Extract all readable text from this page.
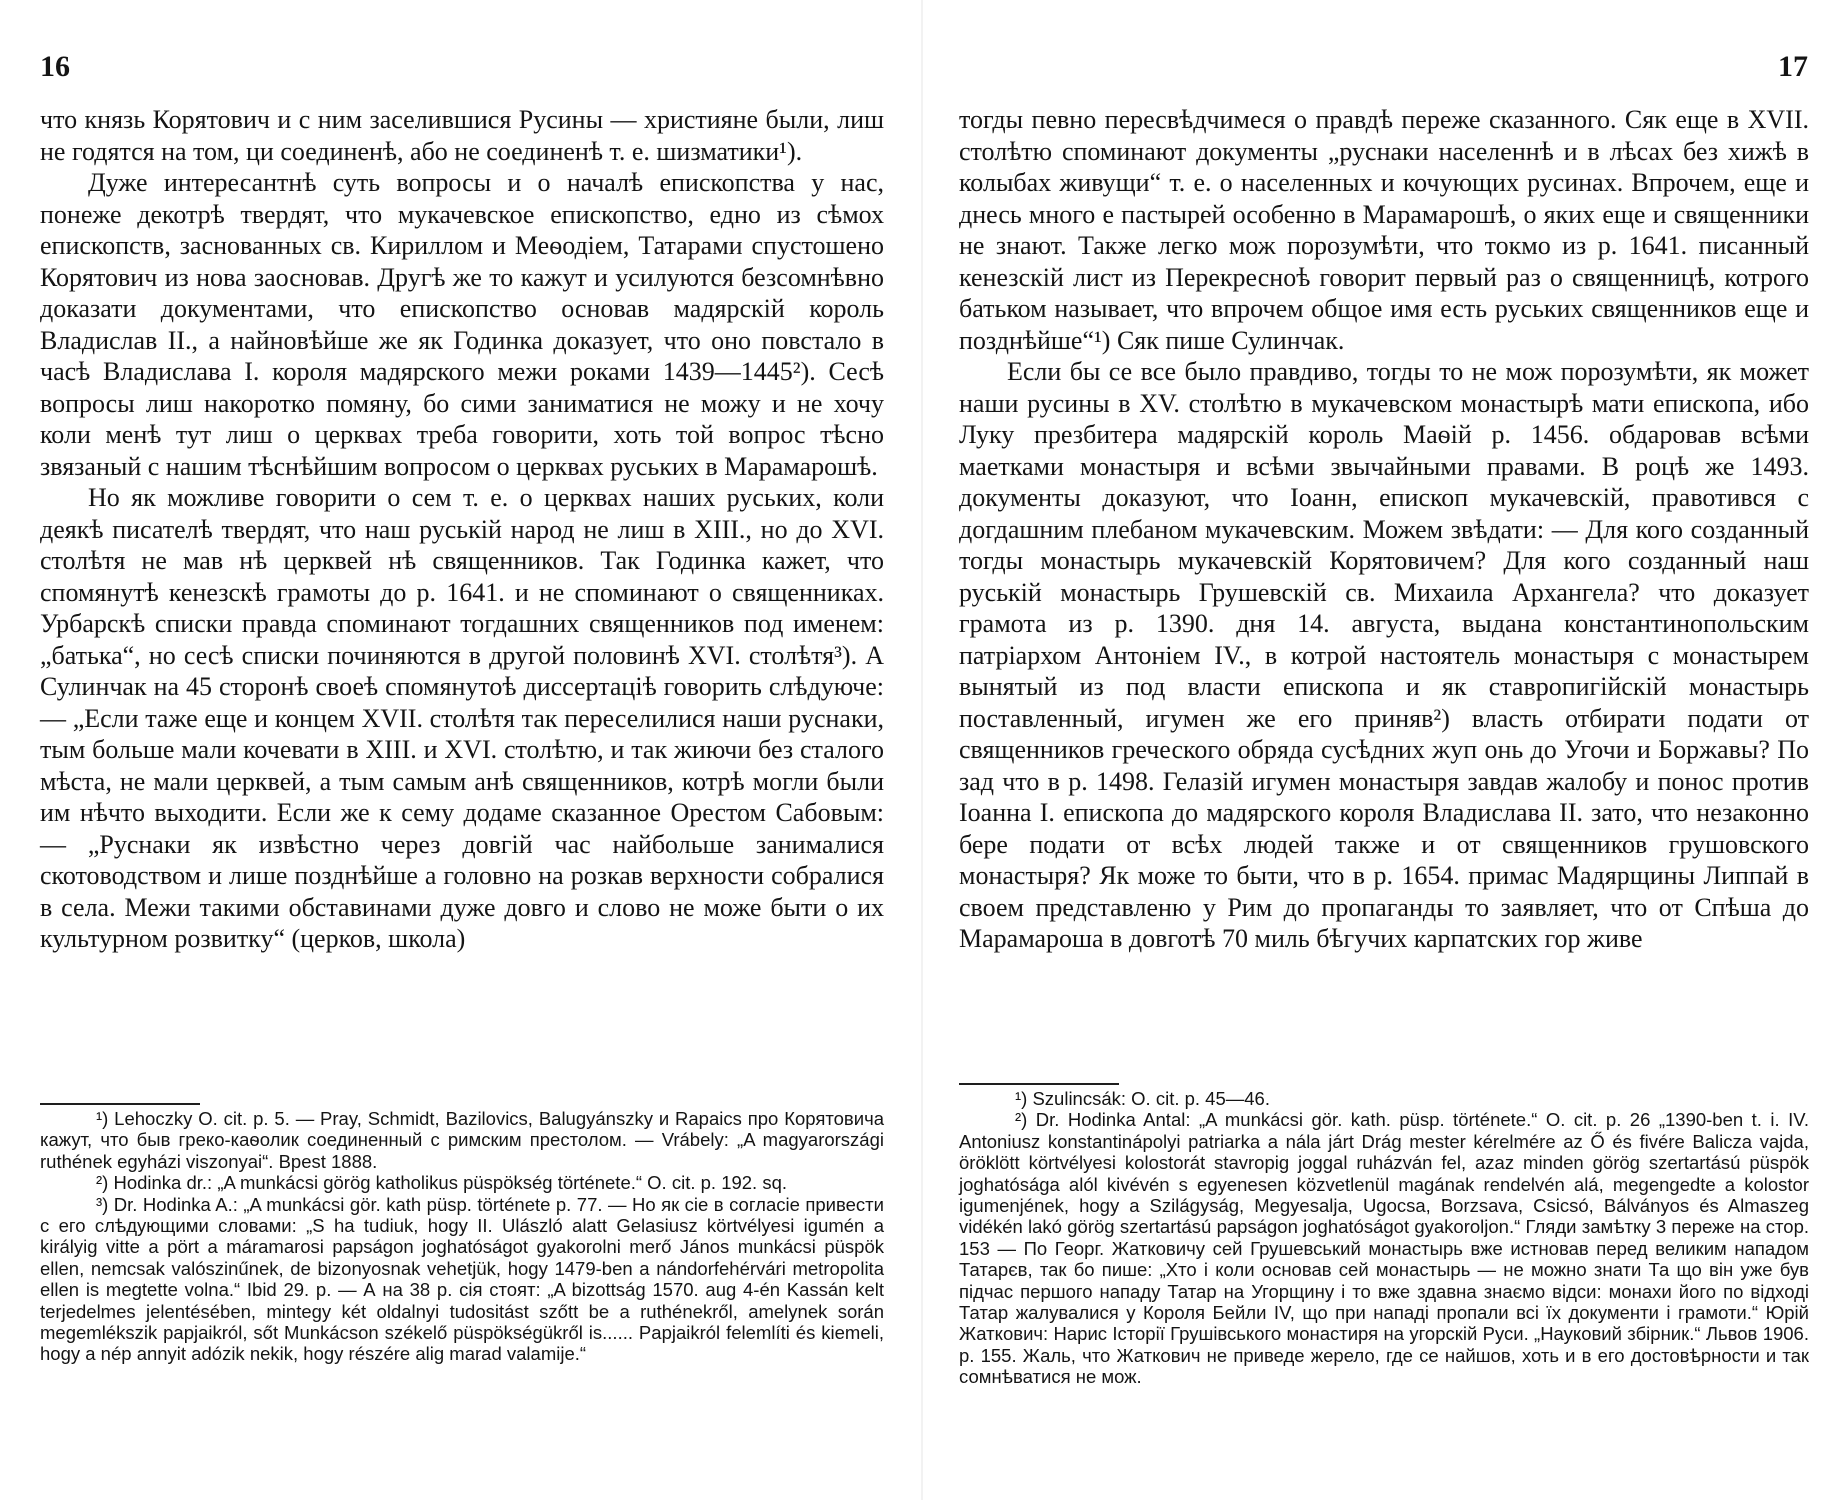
16

что князь Корятович и с ним заселившися Русины — християне были, лиш не годятся на том, ци соединенѣ, або не соединенѣ т. е. шизматики¹).

Дуже интересантнѣ суть вопросы и о началѣ епископства у нас, понеже декотрѣ твердят, что мукачевское епископство, едно из сѣмох епископств, заснованных св. Кириллом и Меѳодіем, Татарами спустошено Корятович из нова заосновав. Другѣ же то кажут и усилуются безсомнѣвно доказати документами, что епископство основав мадярскій король Владислав II., а найновѣйше же як Годинка доказует, что оно повстало в часѣ Владислава I. короля мадярского межи роками 1439—1445²). Сесѣ вопросы лиш накоротко помяну, бо сими заниматися не можу и не хочу коли менѣ тут лиш о церквах треба говорити, хоть той вопрос тѣсно звязаный с нашим тѣснѣйшим вопросом о церквах руських в Марамарошѣ.

Но як можливе говорити о сем т. е. о церквах наших руських, коли деякѣ писателѣ твердят, что наш руській народ не лиш в XIII., но до XVI. столѣтя не мав нѣ церквей нѣ священников. Так Годинка кажет, что спомянутѣ кенезскѣ грамоты до р. 1641. и не споминают о священниках. Урбарскѣ списки правда споминают тогдашних священников под именем: „батька“, но сесѣ списки починяются в другой половинѣ XVI. столѣтя³). А Сулинчак на 45 сторонѣ своеѣ спомянутоѣ диссертаціѣ говорить слѣдуюче: — „Если таже еще и концем XVII. столѣтя так переселилися наши руснаки, тым больше мали кочевати в XIII. и XVI. столѣтю, и так жиючи без сталого мѣста, не мали церквей, а тым самым анѣ священников, котрѣ могли были им нѣчто выходити. Если же к сему додаме сказанное Орестом Сабовым: — „Руснаки як извѣстно через довгій час найбольше занималися скотоводством и лише позднѣйше а головно на розкав верхности собралися в села. Межи такими обставинами дуже довго и слово не може быти о их культурном розвитку“ (церков, школа)

¹) Lehoczky O. cit. p. 5. — Pray, Schmidt, Bazilovics, Balugyánszky и Rapaics про Корятовича кажут, что быв греко-каѳолик соединенный с римским престолом. — Vrábely: „A magyarországi ruthének egyházi viszonyai“. Bpest 1888.

²) Hodinka dr.: „A munkácsi görög katholikus püspökség története.“ O. cit. p. 192. sq.

³) Dr. Hodinka A.: „A munkácsi gör. kath püsp. története p. 77. — Но як сіе в согласіе привести с его слѣдующими словами: „S ha tudiuk, hogy II. Ulászló alatt Gelasiusz körtvélyesi igumén a királyig vitte a pört a máramarosi papságon joghatóságot gyakorolni merő János munkácsi püspök ellen, nemcsak valószinűnek, de bizonyosnak vehetjük, hogy 1479-ben a nándorfehérvári metropolita ellen is megtette volna.“ Ibid 29. p. — А на 38 р. сія стоят: „A bizottság 1570. aug 4-én Kassán kelt terjedelmes jelentésében, mintegy két oldalnyi tudositást szőtt be a ruthénekről, amelynek során megemlékszik papjaikról, sőt Munkácson székelő püspökségükről is...... Papjaikról felemlíti és kiemeli, hogy a nép annyit adózik nekik, hogy részére alig marad valamije.“

17

тогды певно пересвѣдчимеся о правдѣ переже сказанного. Сяк еще в XVII. столѣтю споминают документы „руснаки населеннѣ и в лѣсах без хижѣ в колыбах живущи“ т. е. о населенных и кочующих русинах. Впрочем, еще и днесь много е пастырей особенно в Марамарошѣ, о яких еще и священники не знают. Также легко мож порозумѣти, что токмо из р. 1641. писанный кенезскій лист из Перекресноѣ говорит первый раз о священницѣ, котрого батьком называет, что впрочем общое имя есть руських священников еще и позднѣйше“¹) Сяк пише Сулинчак.

Если бы се все было правдиво, тогды то не мож порозумѣти, як может наши русины в XV. столѣтю в мукачевском монастырѣ мати епископа, ибо Луку презбитера мадярскій король Маѳій р. 1456. обдаровав всѣми маетками монастыря и всѣми звычайными правами. В роцѣ же 1493. документы доказуют, что Іоанн, епископ мукачевскій, правотився с догдашним плебаном мукачевским. Можем звѣдати: — Для кого созданный тогды монастырь мукачевскій Корятовичем? Для кого созданный наш руській монастырь Грушевскій св. Михаила Архангела? что доказует грамота из р. 1390. дня 14. августа, выдана константинопольским патріархом Антоніем IV., в котрой настоятель монастыря с монастырем вынятый из под власти епископа и як ставропигійскій монастырь поставленный, игумен же его приняв²) власть отбирати подати от священников греческого обряда сусѣдних жуп онь до Угочи и Боржавы? По зад что в р. 1498. Гелазій игумен монастыря завдав жалобу и понос против Іоанна I. епископа до мадярского короля Владислава II. зато, что незаконно бере подати от всѣх людей также и от священников грушовского монастыря? Як може то быти, что в р. 1654. примас Мадярщины Липпай в своем представленю у Рим до пропаганды то заявляет, что от Спѣша до Марамароша в довготѣ 70 миль бѣгучих карпатских гор живе

¹) Szulincsák: O. cit. p. 45—46.

²) Dr. Hodinka Antal: „A munkácsi gör. kath. püsp. története.“ O. cit. p. 26 „1390-ben t. i. IV. Antoniusz konstantinápolyi patriarka a nála járt Drág mester kérelmére az Ő és fivére Balicza vajda, öröklött körtvélyesi kolostorát stavropig joggal ruházván fel, azaz minden görög szertartású püspök joghatósága alól kivévén s egyenesen közvetlenül magának rendelvén alá, megengedte a kolostor igumenjének, hogy a Szilágyság, Megyesalja, Ugocsa, Borzsava, Csicsó, Bálványos és Almaszeg vidékén lakó görög szertartású papságon joghatóságot gyakoroljon.“ Гляди замѣтку 3 переже на стор. 153 — По Георг. Жатковичу сей Грушевський монастырь вже истновав перед великим нападом Татарєв, так бо пише: „Хто і коли основав сей монастырь — не можно знати Та що він уже був підчас першого нападу Татар на Угорщину і то вже здавна знаємо відси: монахи його по відході Татар жалувалися у Короля Бейли IV, що при нападі пропали всі їх документи і грамоти.“ Юрій Жаткович: Нарис Історії Грушівського монастиря на угорскій Руси. „Науковий збірник.“ Львов 1906. р. 155. Жаль, что Жаткович не приведе жерело, где се найшов, хоть и в его достовѣрности и так сомнѣватися не мож.
